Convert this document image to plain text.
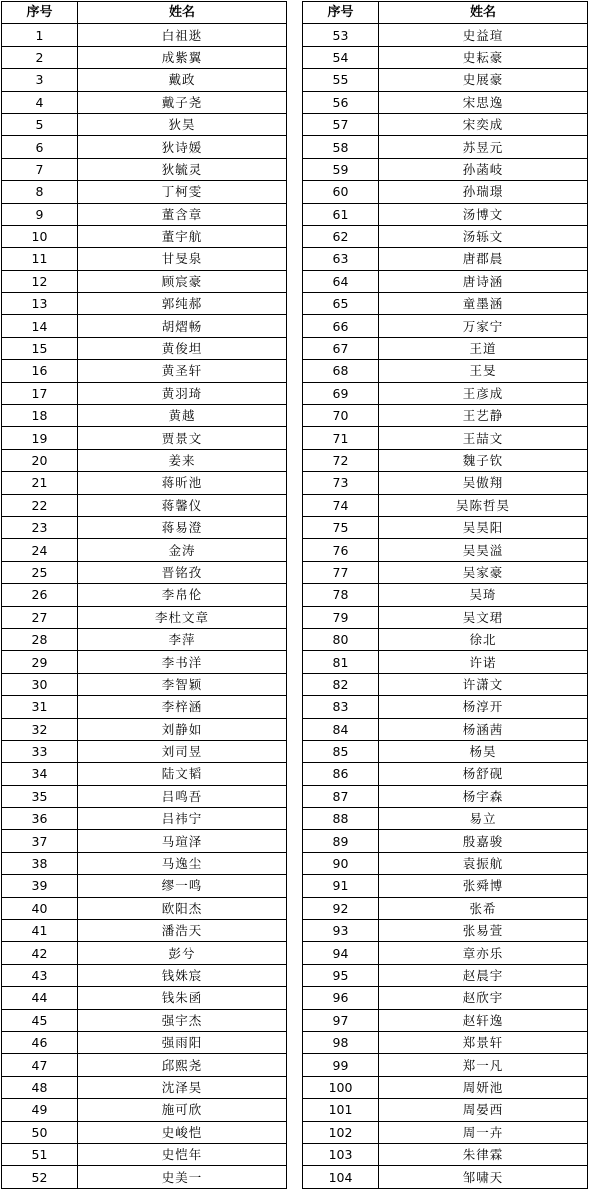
序号	姓名
1	白祖逖
2	成紫翼
3	戴政
4	戴子尧
5	狄昊
6	狄诗媛
7	狄毓灵
8	丁柯雯
9	董含章
10	董宇航
11	甘旻泉
12	顾宸豪
13	郭纯郝
14	胡熠畅
15	黄俊坦
16	黄圣轩
17	黄羽琦
18	黄越
19	贾景文
20	姜来
21	蒋昕池
22	蒋馨仪
23	蒋易澄
24	金涛
25	晋铭孜
26	李帛伦
27	李杜文章
28	李萍
29	李书洋
30	李智颖
31	李梓涵
32	刘静如
33	刘司昱
34	陆文韬
35	吕鸣吾
36	吕祎宁
37	马瑄泽
38	马逸尘
39	缪一鸣
40	欧阳杰
41	潘浩天
42	彭兮
43	钱姝宸
44	钱朱函
45	强宇杰
46	强雨阳
47	邱熙尧
48	沈泽昊
49	施可欣
50	史峻恺
51	史恺年
52	史美一
序号	姓名
53	史益瑄
54	史耘豪
55	史展豪
56	宋思逸
57	宋奕成
58	苏昱元
59	孙菡岐
60	孙瑞璟
61	汤博文
62	汤轹文
63	唐郡晨
64	唐诗涵
65	童墨涵
66	万家宁
67	王道
68	王旻
69	王彦成
70	王艺静
71	王喆文
72	魏子钦
73	吴傲翔
74	吴陈哲昊
75	吴昊阳
76	吴昊溢
77	吴家豪
78	吴琦
79	吴文珺
80	徐北
81	许诺
82	许潇文
83	杨淳开
84	杨涵茜
85	杨昊
86	杨舒砚
87	杨宇森
88	易立
89	殷嘉骏
90	袁振航
91	张舜博
92	张希
93	张易萱
94	章亦乐
95	赵晨宇
96	赵欣宇
97	赵轩逸
98	郑景轩
99	郑一凡
100	周妍池
101	周晏西
102	周一卉
103	朱律霖
104	邹啸天
